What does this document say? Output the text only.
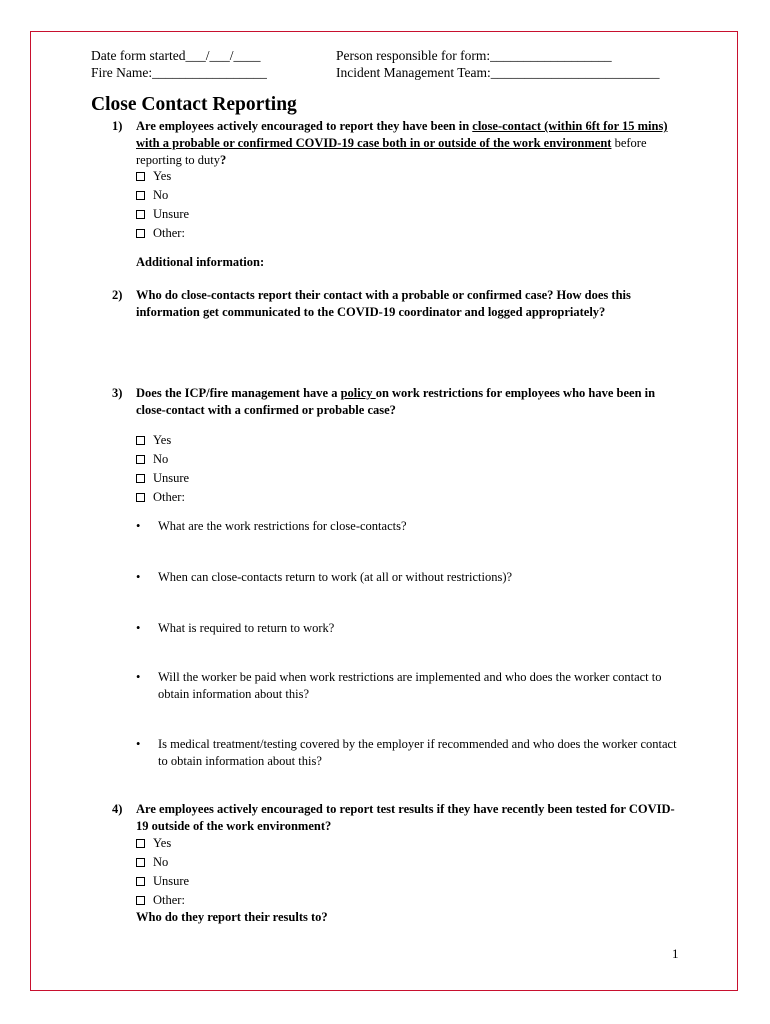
Date form started___/___/____
Fire Name:_________________
Person responsible for form:__________________
Incident Management Team:_________________________
Close Contact Reporting
1) Are employees actively encouraged to report they have been in close-contact (within 6ft for 15 mins) with a probable or confirmed COVID-19 case both in or outside of the work environment before reporting to duty?
Yes
No
Unsure
Other:
Additional information:
2) Who do close-contacts report their contact with a probable or confirmed case? How does this information get communicated to the COVID-19 coordinator and logged appropriately?
3) Does the ICP/fire management have a policy on work restrictions for employees who have been in close-contact with a confirmed or probable case?
Yes
No
Unsure
Other:
• What are the work restrictions for close-contacts?
• When can close-contacts return to work (at all or without restrictions)?
• What is required to return to work?
• Will the worker be paid when work restrictions are implemented and who does the worker contact to obtain information about this?
• Is medical treatment/testing covered by the employer if recommended and who does the worker contact to obtain information about this?
4) Are employees actively encouraged to report test results if they have recently been tested for COVID-19 outside of the work environment?
Yes
No
Unsure
Other:
Who do they report their results to?
1
